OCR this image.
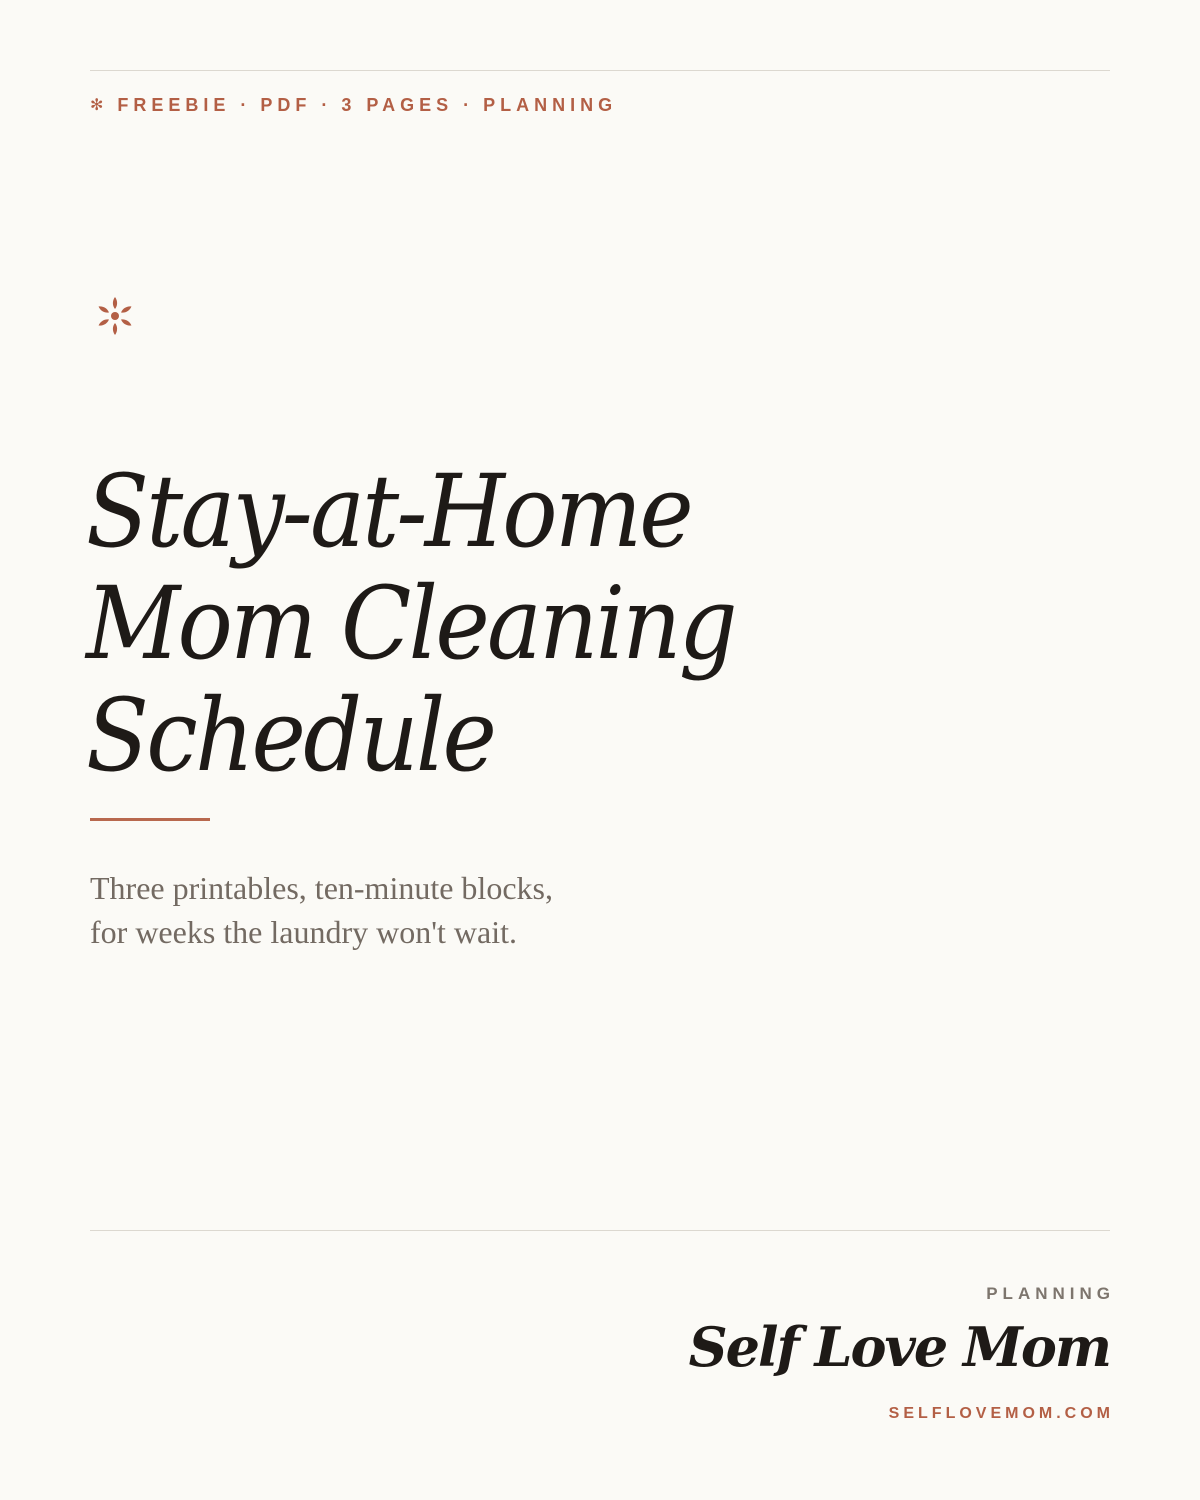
✻ FREEBIE · PDF · 3 PAGES · PLANNING
Stay-at-Home
Mom Cleaning
Schedule

Three printables, ten-minute blocks,
for weeks the laundry won't wait.

PLANNING
Self Love Mom
SELFLOVEMOM.COM
